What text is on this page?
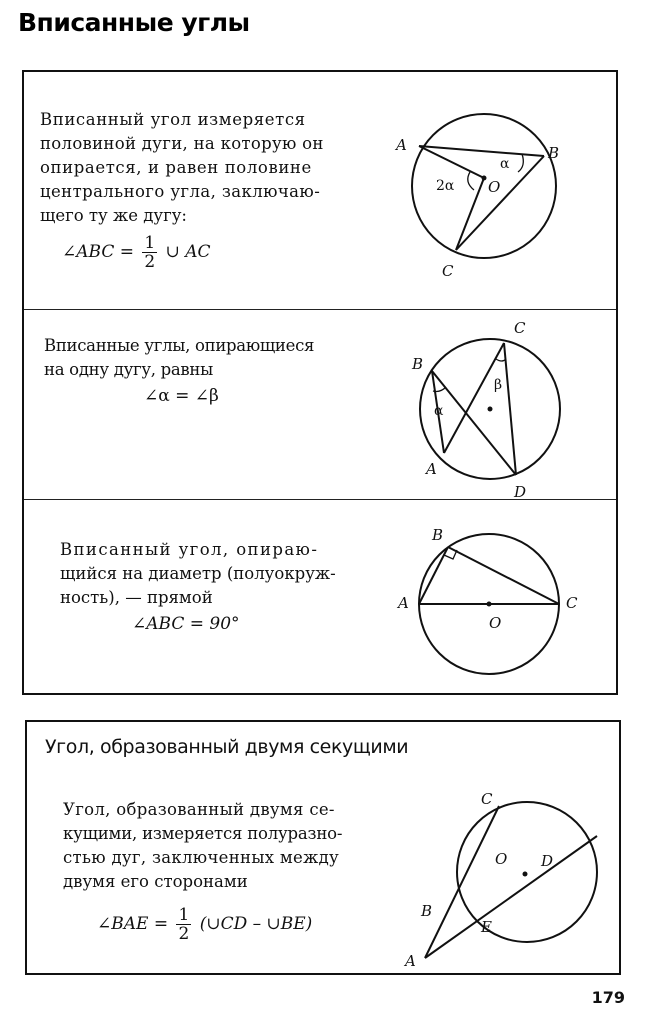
Вписанные углы
Вписанный угол измеряется
половиной дуги, на которую он
опирается, и равен половине
центрального угла, заключаю-
щего ту же дугу:
∠ABC = $\frac{1}{2}$ ∪ AC
A	B
C
O
α
2α
Вписанные углы, опирающиеся
на одну дугу, равны
∠α = ∠β
A
B
C
D
α
β
Вписанный угол, опираю-
щийся на диаметр (полуокруж-
ность), — прямой
∠ABC = 90°
A
B
C
O
Угол, образованный двумя секущими
Угол, образованный двумя се-
кущими, измеряется полуразно-
стью дуг, заключенных между
двумя его сторонами
∠BAE = $\frac{1}{2}$ (∪CD – ∪BE)
A
B
C
D
E
O
179
